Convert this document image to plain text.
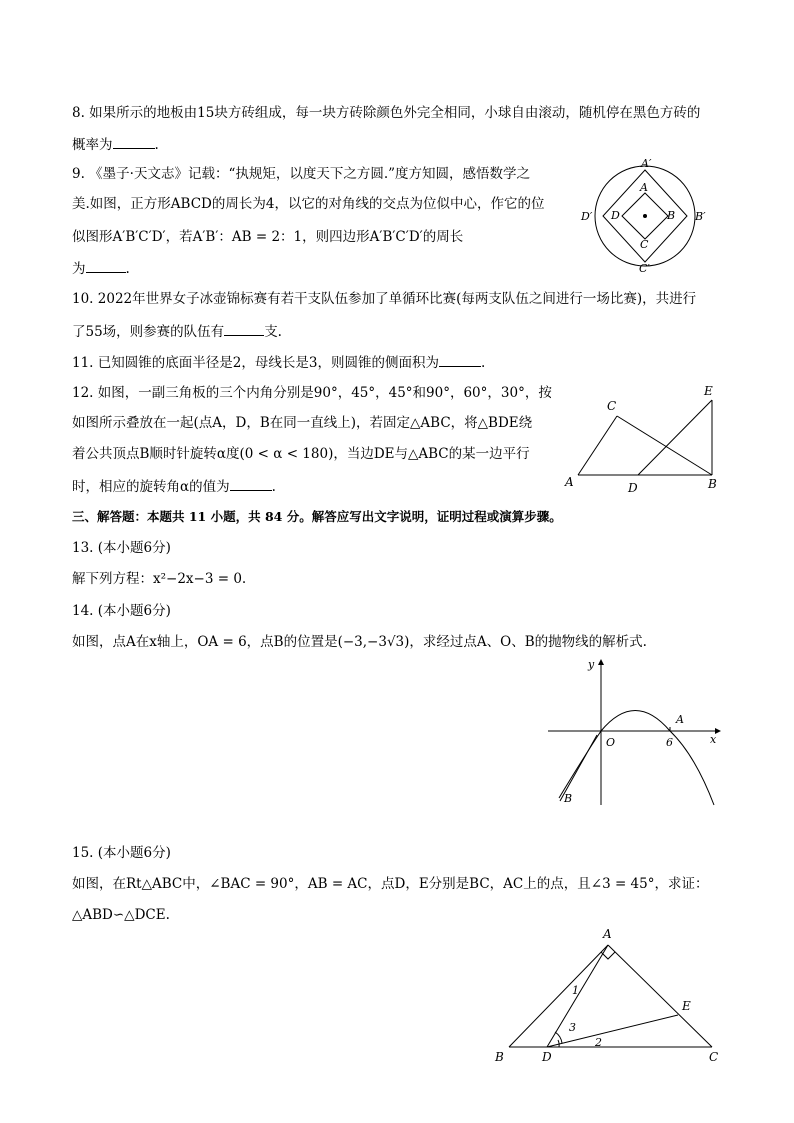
8. 如果所示的地板由15块方砖组成，每一块方砖除颜色外完全相同，小球自由滚动，随机停在黑色方砖的
概率为	.
9. 《墨子·天文志》记载：“执规矩，以度天下之方圆.”度方知圆，感悟数学之
美.如图，正方形ABCD的周长为4，以它的对角线的交点为位似中心，作它的位
似图形A′B′C′D′，若A′B′：AB = 2：1，则四边形A′B′C′D′的周长
为	.
A′
B′
C′
D′
A
B
C
D
10. 2022年世界女子冰壶锦标赛有若干支队伍参加了单循环比赛(每两支队伍之间进行一场比赛)，共进行
了55场，则参赛的队伍有	支.
11. 已知圆锥的底面半径是2，母线长是3，则圆锥的侧面积为	.
12. 如图，一副三角板的三个内角分别是90°，45°，45°和90°，60°，30°，按
如图所示叠放在一起(点A，D，B在同一直线上)，若固定△ABC，将△BDE绕
着公共顶点B顺时针旋转α度(0 < α < 180)，当边DE与△ABC的某一边平行
时，相应的旋转角α的值为	.	A	B
C
D
E
三、解答题：本题共 11 小题，共 84 分。解答应写出文字说明，证明过程或演算步骤。
13. (本小题6分)
解下列方程：x²−2x−3 = 0.
14. (本小题6分)
如图，点A在x轴上，OA = 6，点B的位置是(−3,−3√3)，求经过点A、O、B的抛物线的解析式.
y
x
O	6
A
B
15. (本小题6分)
如图，在Rt△ABC中，∠BAC = 90°，AB = AC，点D，E分别是BC，AC上的点，且∠3 = 45°，求证：
△ABD∽△DCE.
A
B	C
D
E
1
2
3
